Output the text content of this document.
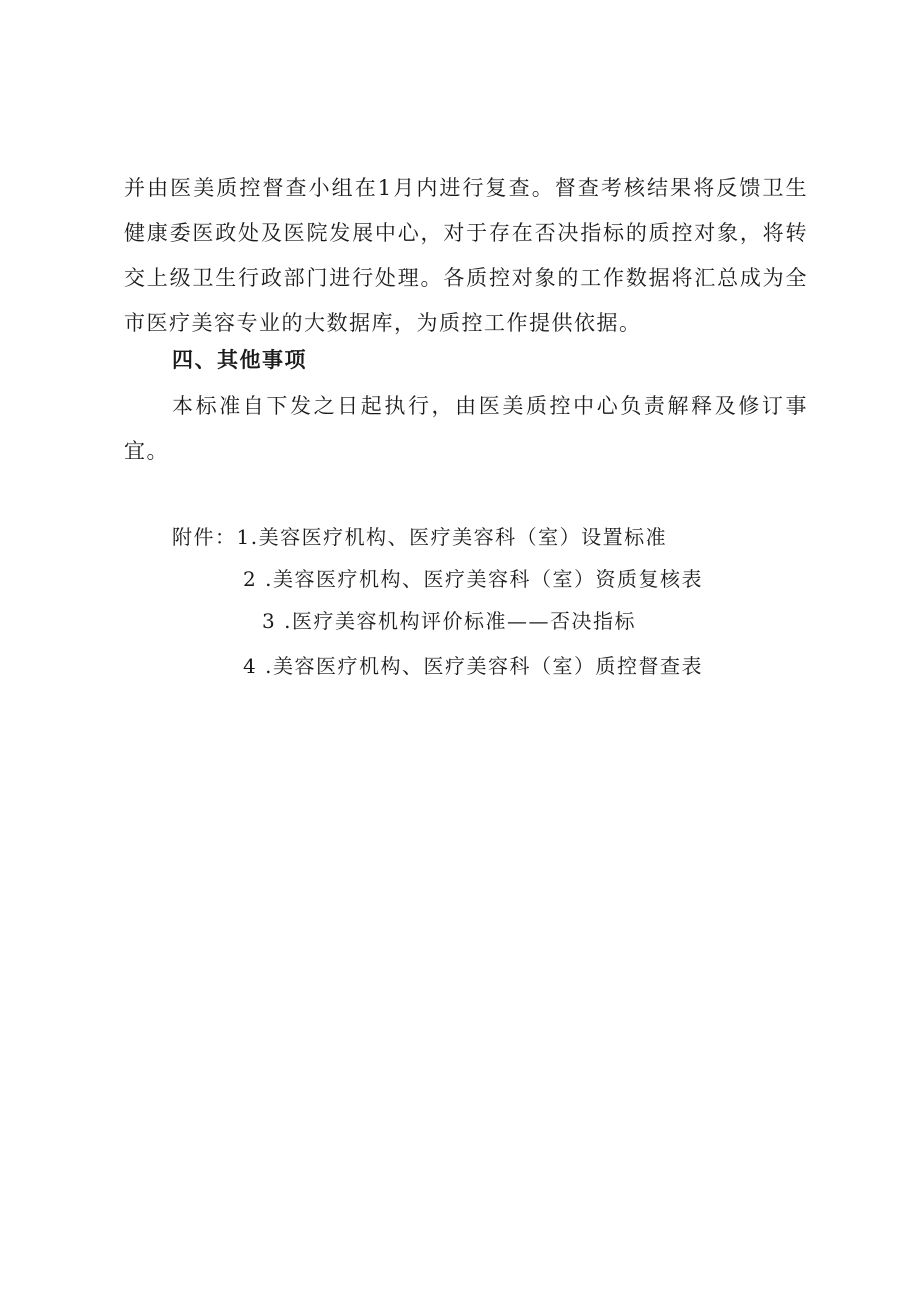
并由医美质控督查小组在1月内进行复查。督查考核结果将反馈卫生健康委医政处及医院发展中心，对于存在否决指标的质控对象，将转交上级卫生行政部门进行处理。各质控对象的工作数据将汇总成为全市医疗美容专业的大数据库，为质控工作提供依据。

四、其他事项

本标准自下发之日起执行，由医美质控中心负责解释及修订事宜。

附件：1.美容医疗机构、医疗美容科（室）设置标准

2 .美容医疗机构、医疗美容科（室）资质复核表

3 .医疗美容机构评价标准——否决指标

4 .美容医疗机构、医疗美容科（室）质控督查表
